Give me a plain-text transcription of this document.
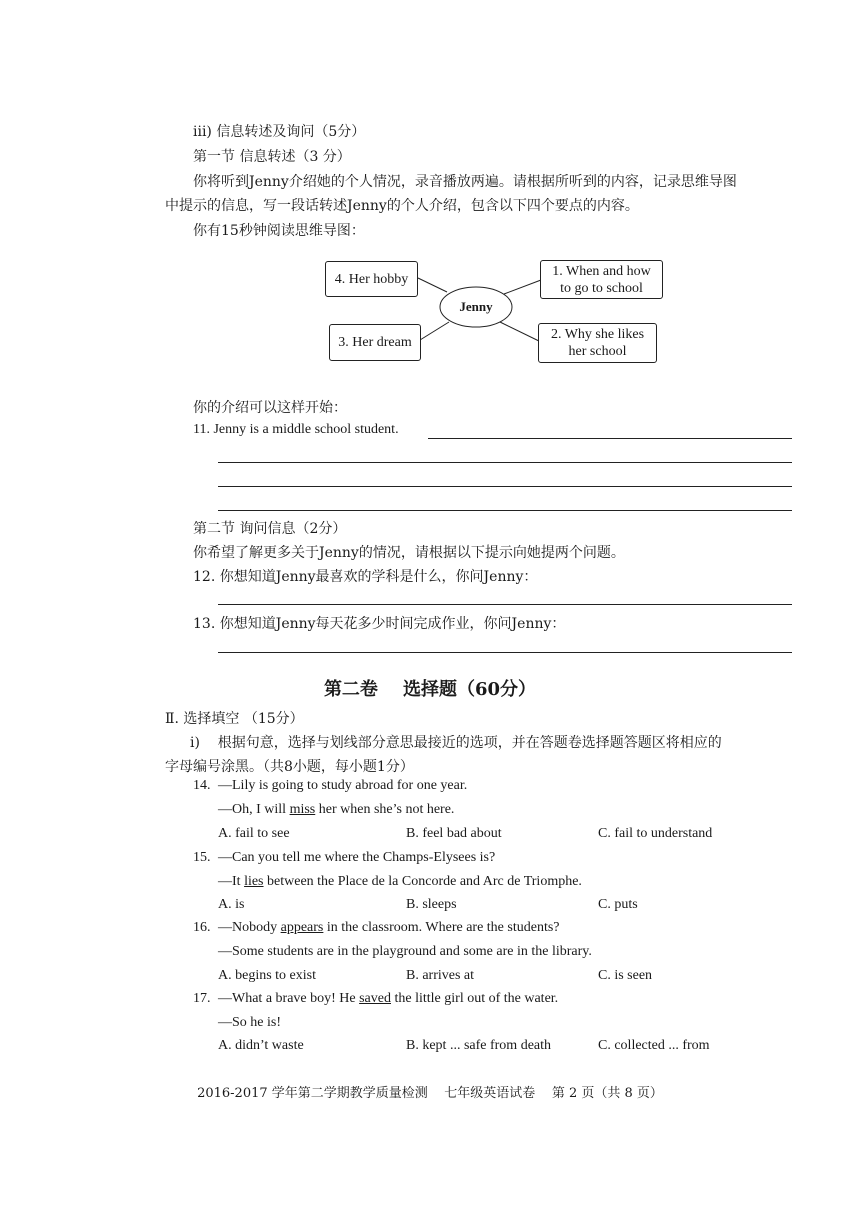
iii) 信息转述及询问（5分）
第一节 信息转述（3 分）
你将听到Jenny介绍她的个人情况，录音播放两遍。请根据所听到的内容，记录思维导图
中提示的信息，写一段话转述Jenny的个人介绍，包含以下四个要点的内容。
你有15秒钟阅读思维导图：
Jenny
4. Her hobby
3. Her dream
1. When and how
to go to school
2. Why she likes
her school
你的介绍可以这样开始：
11. Jenny is a middle school student.
第二节 询问信息（2分）
你希望了解更多关于Jenny的情况，请根据以下提示向她提两个问题。
12. 你想知道Jenny最喜欢的学科是什么，你问Jenny：
13. 你想知道Jenny每天花多少时间完成作业，你问Jenny：
第二卷    选择题（60分）
Ⅱ. 选择填空 （15分）
i)    根据句意，选择与划线部分意思最接近的选项，并在答题卷选择题答题区将相应的
字母编号涂黑。（共8小题，每小题1分）
14. —Lily is going to study abroad for one year.
—Oh, I will miss her when she’s not here.
A. fail to see	B. feel bad about	C. fail to understand
15. —Can you tell me where the Champs-Elysees is?
—It lies between the Place de la Concorde and Arc de Triomphe.
A. is	B. sleeps	C. puts
16. —Nobody appears in the classroom. Where are the students?
—Some students are in the playground and some are in the library.
A. begins to exist	B. arrives at	C. is seen
17. —What a brave boy! He saved the little girl out of the water.
—So he is!
A. didn’t waste	B. kept ... safe from death	C. collected ... from
2016-2017 学年第二学期教学质量检测    七年级英语试卷    第 2 页（共 8 页）
